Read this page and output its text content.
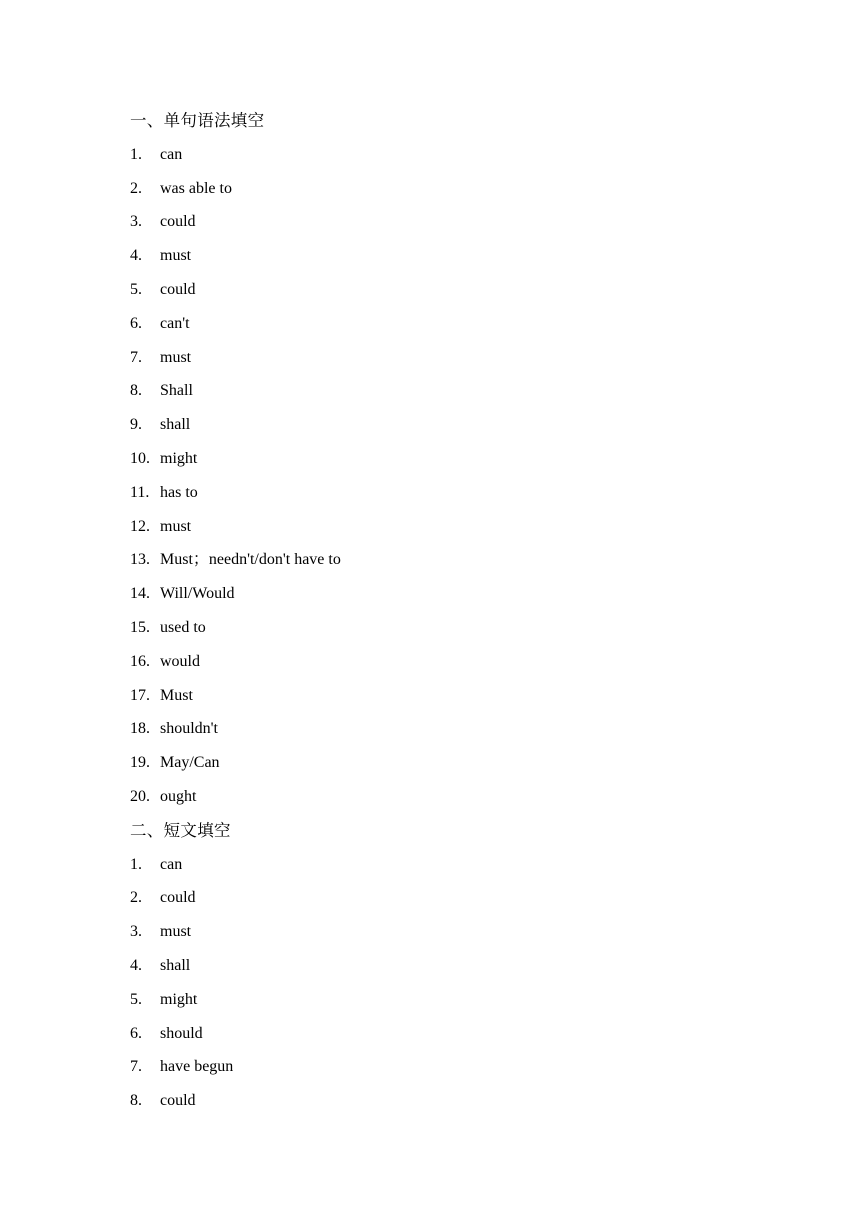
一、单句语法填空
1. can
2. was able to
3. could
4. must
5. could
6. can't
7. must
8. Shall
9. shall
10. might
11. has to
12. must
13. Must；needn't/don't have to
14. Will/Would
15. used to
16. would
17. Must
18. shouldn't
19. May/Can
20. ought
二、短文填空
1. can
2. could
3. must
4. shall
5. might
6. should
7. have begun
8. could
